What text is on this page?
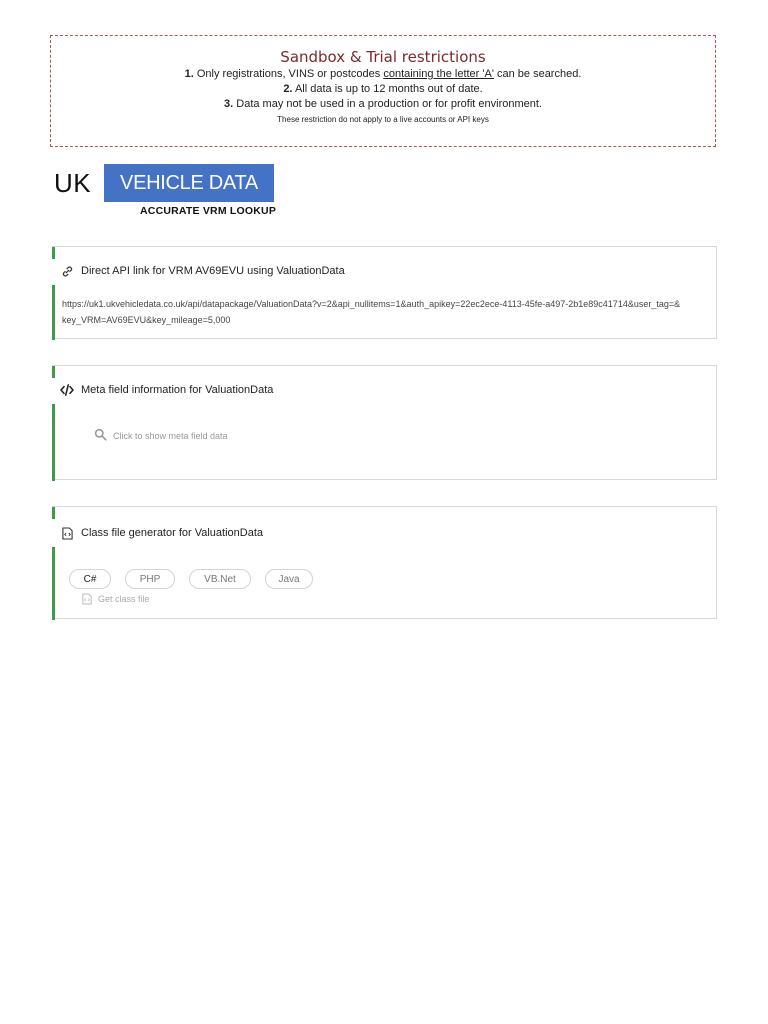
Sandbox & Trial restrictions
1. Only registrations, VINS or postcodes containing the letter 'A' can be searched.
2. All data is up to 12 months out of date.
3. Data may not be used in a production or for profit environment.
These restriction do not apply to a live accounts or API keys
UK	VEHICLE DATA
ACCURATE VRM LOOKUP
Direct API link for VRM AV69EVU using ValuationData
https://uk1.ukvehicledata.co.uk/api/datapackage/ValuationData?v=2&api_nullitems=1&auth_apikey=22ec2ece-4113-45fe-a497-2b1e89c41714&user_tag=&key_VRM=AV69EVU&key_mileage=5,000
Meta field information for ValuationData
Click to show meta field data
Class file generator for ValuationData
C#	PHP	VB.Net	Java
Get class file
